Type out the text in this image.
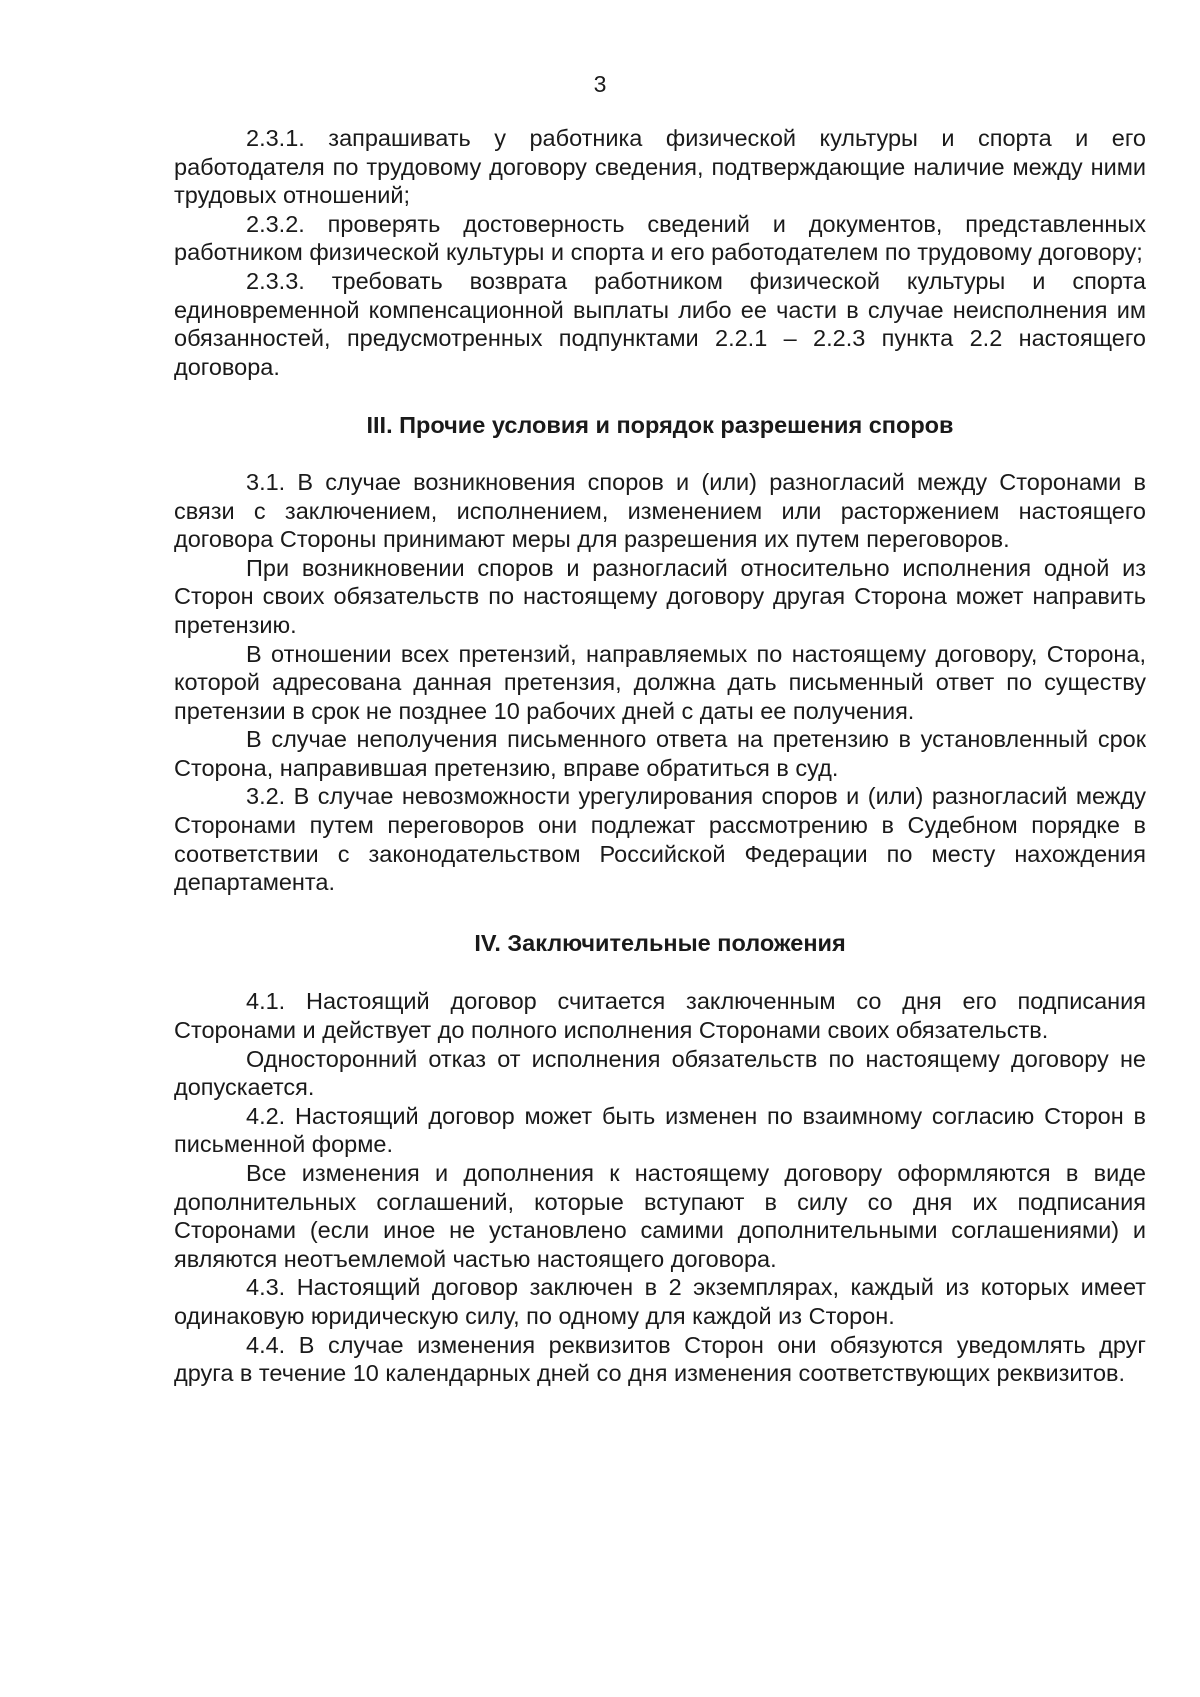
3

2.3.1. запрашивать у работника физической культуры и спорта и его работодателя по трудовому договору сведения, подтверждающие наличие между ними трудовых отношений;

2.3.2. проверять достоверность сведений и документов, представленных работником физической культуры и спорта и его работодателем по трудовому договору;

2.3.3. требовать возврата работником физической культуры и спорта единовременной компенсационной выплаты либо ее части в случае неисполнения им обязанностей, предусмотренных подпунктами 2.2.1 – 2.2.3 пункта 2.2 настоящего договора.

III. Прочие условия и порядок разрешения споров

3.1. В случае возникновения споров и (или) разногласий между Сторонами в связи с заключением, исполнением, изменением или расторжением настоящего договора Стороны принимают меры для разрешения их путем переговоров.

При возникновении споров и разногласий относительно исполнения одной из Сторон своих обязательств по настоящему договору другая Сторона может направить претензию.

В отношении всех претензий, направляемых по настоящему договору, Сторона, которой адресована данная претензия, должна дать письменный ответ по существу претензии в срок не позднее 10 рабочих дней с даты ее получения.

В случае неполучения письменного ответа на претензию в установленный срок Сторона, направившая претензию, вправе обратиться в суд.

3.2. В случае невозможности урегулирования споров и (или) разногласий между Сторонами путем переговоров они подлежат рассмотрению в Судебном порядке в соответствии с законодательством Российской Федерации по месту нахождения департамента.

IV. Заключительные положения

4.1. Настоящий договор считается заключенным со дня его подписания Сторонами и действует до полного исполнения Сторонами своих обязательств.

Односторонний отказ от исполнения обязательств по настоящему договору не допускается.

4.2. Настоящий договор может быть изменен по взаимному согласию Сторон в письменной форме.

Все изменения и дополнения к настоящему договору оформляются в виде дополнительных соглашений, которые вступают в силу со дня их подписания Сторонами (если иное не установлено самими дополнительными соглашениями) и являются неотъемлемой частью настоящего договора.

4.3. Настоящий договор заключен в 2 экземплярах, каждый из которых имеет одинаковую юридическую силу, по одному для каждой из Сторон.

4.4. В случае изменения реквизитов Сторон они обязуются уведомлять друг друга в течение 10 календарных дней со дня изменения соответствующих реквизитов.
